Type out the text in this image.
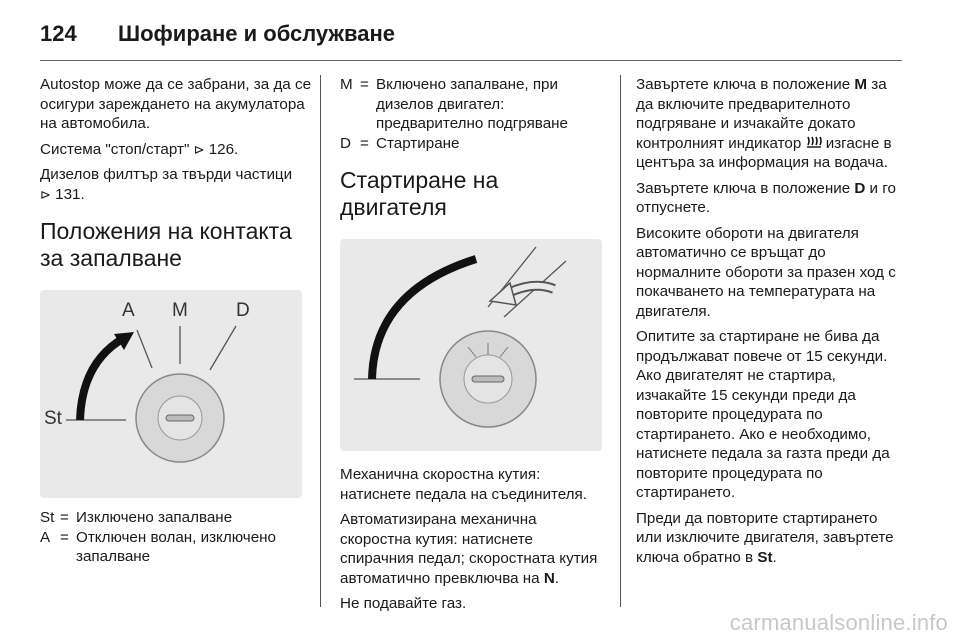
124	Шофиране и обслужване

Autostop може да се забрани, за да се осигури зареждането на акумулатора на автомобила.

Система "стоп/старт" ⊳ 126.

Дизелов филтър за твърди частици
⊳ 131.

Положения на контакта за запалване
A M	D
St
St = Изключено запалване
A = Отключен волан, изключено запалване
M = Включено запалване, при дизелов двигател: предварително подгряване
D = Стартиране
Стартиране на двигателя

Механична скоростна кутия: натиснете педала на съединителя.

Автоматизирана механична скоростна кутия: натиснете спирачния педал; скоростната кутия автоматично превключва на N.

Не подавайте газ.

Завъртете ключа в положение M за да включите предварителното подгряване и изчакайте докато контролният индикатор  изгасне в центъра за информация на водача.

Завъртете ключа в положение D и го отпуснете.

Високите обороти на двигателя автоматично се връщат до нормалните обороти за празен ход с покачването на температурата на двигателя.

Опитите за стартиране не бива да продължават повече от 15 секунди. Ако двигателят не стартира, изчакайте 15 секунди преди да повторите процедурата по стартирането. Ако е необходимо, натиснете педала за газта преди да повторите процедурата по стартирането.

Преди да повторите стартирането или изключите двигателя, завъртете ключа обратно в St.

carmanualsonline.info
